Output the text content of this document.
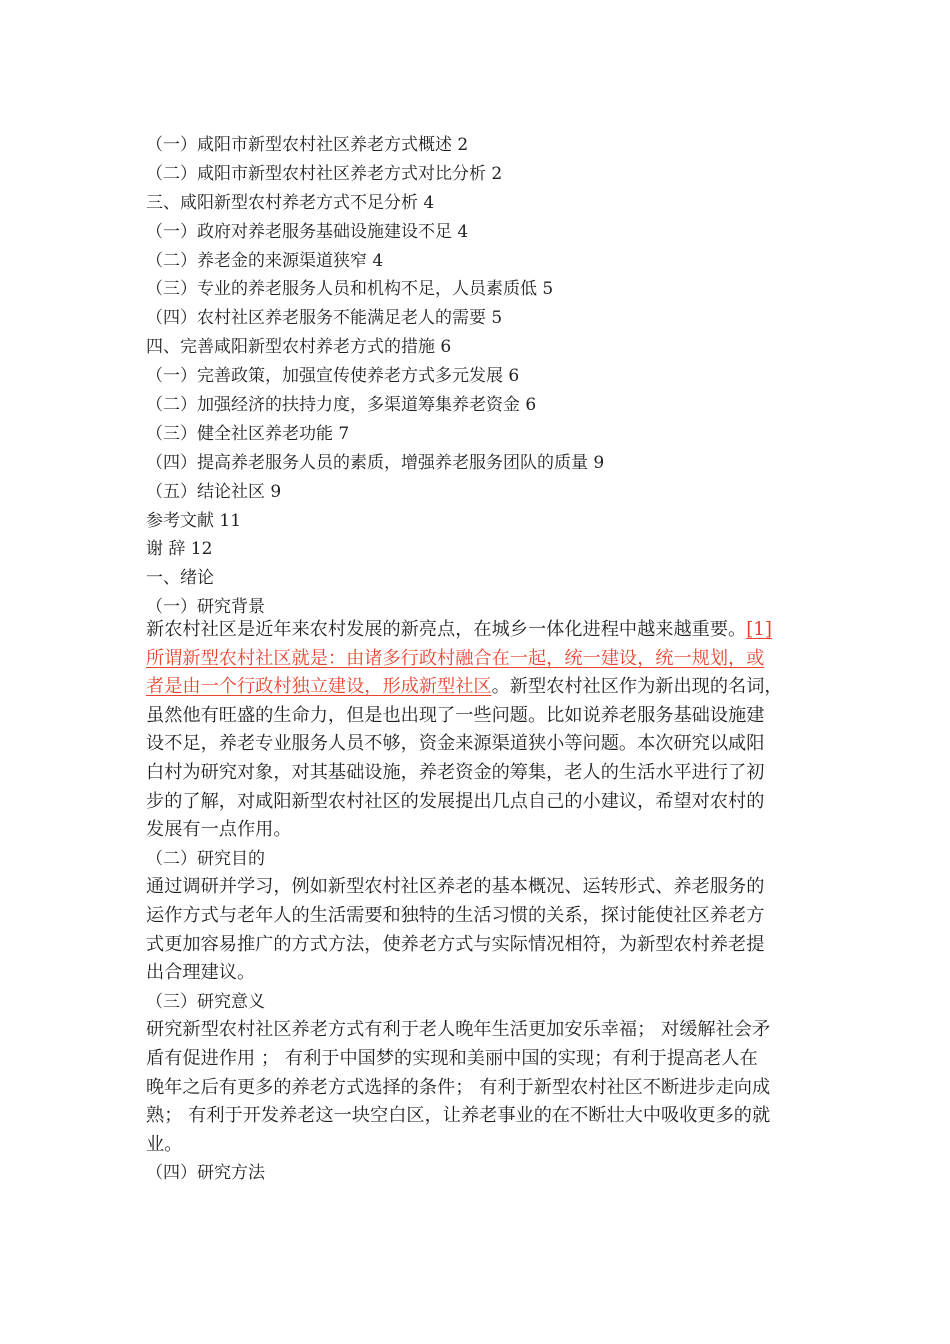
（一）咸阳市新型农村社区养老方式概述 2
（二）咸阳市新型农村社区养老方式对比分析 2
三、咸阳新型农村养老方式不足分析 4
（一）政府对养老服务基础设施建设不足 4
（二）养老金的来源渠道狭窄 4
（三）专业的养老服务人员和机构不足，人员素质低 5
（四）农村社区养老服务不能满足老人的需要 5
四、完善咸阳新型农村养老方式的措施 6
（一）完善政策，加强宣传使养老方式多元发展 6
（二）加强经济的扶持力度，多渠道筹集养老资金 6
（三）健全社区养老功能 7
（四）提高养老服务人员的素质，增强养老服务团队的质量 9
（五）结论社区 9
参考文献 11
谢 辞 12
一、绪论
（一）研究背景
新农村社区是近年来农村发展的新亮点，在城乡一体化进程中越来越重要。[1]
所谓新型农村社区就是：由诸多行政村融合在一起，统一建设，统一规划，或
者是由一个行政村独立建设，形成新型社区。新型农村社区作为新出现的名词，
虽然他有旺盛的生命力，但是也出现了一些问题。比如说养老服务基础设施建
设不足，养老专业服务人员不够，资金来源渠道狭小等问题。本次研究以咸阳
白村为研究对象，对其基础设施，养老资金的筹集，老人的生活水平进行了初
步的了解，对咸阳新型农村社区的发展提出几点自己的小建议，希望对农村的
发展有一点作用。
（二）研究目的
通过调研并学习，例如新型农村社区养老的基本概况、运转形式、养老服务的
运作方式与老年人的生活需要和独特的生活习惯的关系，探讨能使社区养老方
式更加容易推广的方式方法，使养老方式与实际情况相符，为新型农村养老提
出合理建议。
（三）研究意义
研究新型农村社区养老方式有利于老人晚年生活更加安乐幸福； 对缓解社会矛
盾有促进作用 ； 有利于中国梦的实现和美丽中国的实现；有利于提高老人在
晚年之后有更多的养老方式选择的条件； 有利于新型农村社区不断进步走向成
熟； 有利于开发养老这一块空白区，让养老事业的在不断壮大中吸收更多的就
业。
（四）研究方法
